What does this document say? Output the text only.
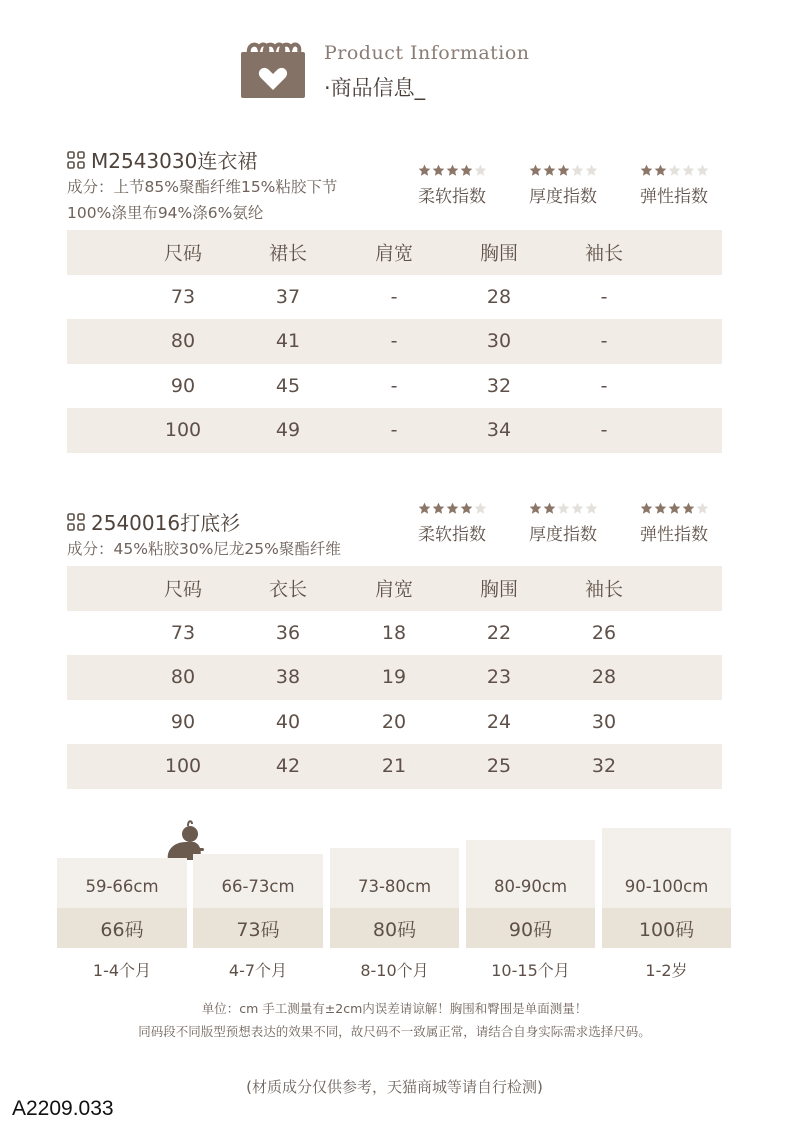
Product Information
·商品信息_
M2543030连衣裙
成分：上节85%聚酯纤维15%粘胶下节
100%涤里布94%涤6%氨纶
柔软指数	厚度指数	弹性指数
尺码	裙长	肩宽	胸围	袖长

73	37	-	28	-

80	41	-	30	-

90	45	-	32	-

100	49	-	34	-
2540016打底衫
成分：45%粘胶30%尼龙25%聚酯纤维
柔软指数	厚度指数	弹性指数
尺码	衣长	肩宽	胸围	袖长

73	36	18	22	26

80	38	19	23	28

90	40	20	24	30

100	42	21	25	32
59-66cm
66码
1-4个月
66-73cm
73码
4-7个月
73-80cm
80码
8-10个月
80-90cm
90码
10-15个月
90-100cm
100码
1-2岁
单位：cm 手工测量有±2cm内误差请谅解！胸围和臀围是单面测量！
同码段不同版型预想表达的效果不同，故尺码不一致属正常，请结合自身实际需求选择尺码。
(材质成分仅供参考，天猫商城等请自行检测)
A2209.033
